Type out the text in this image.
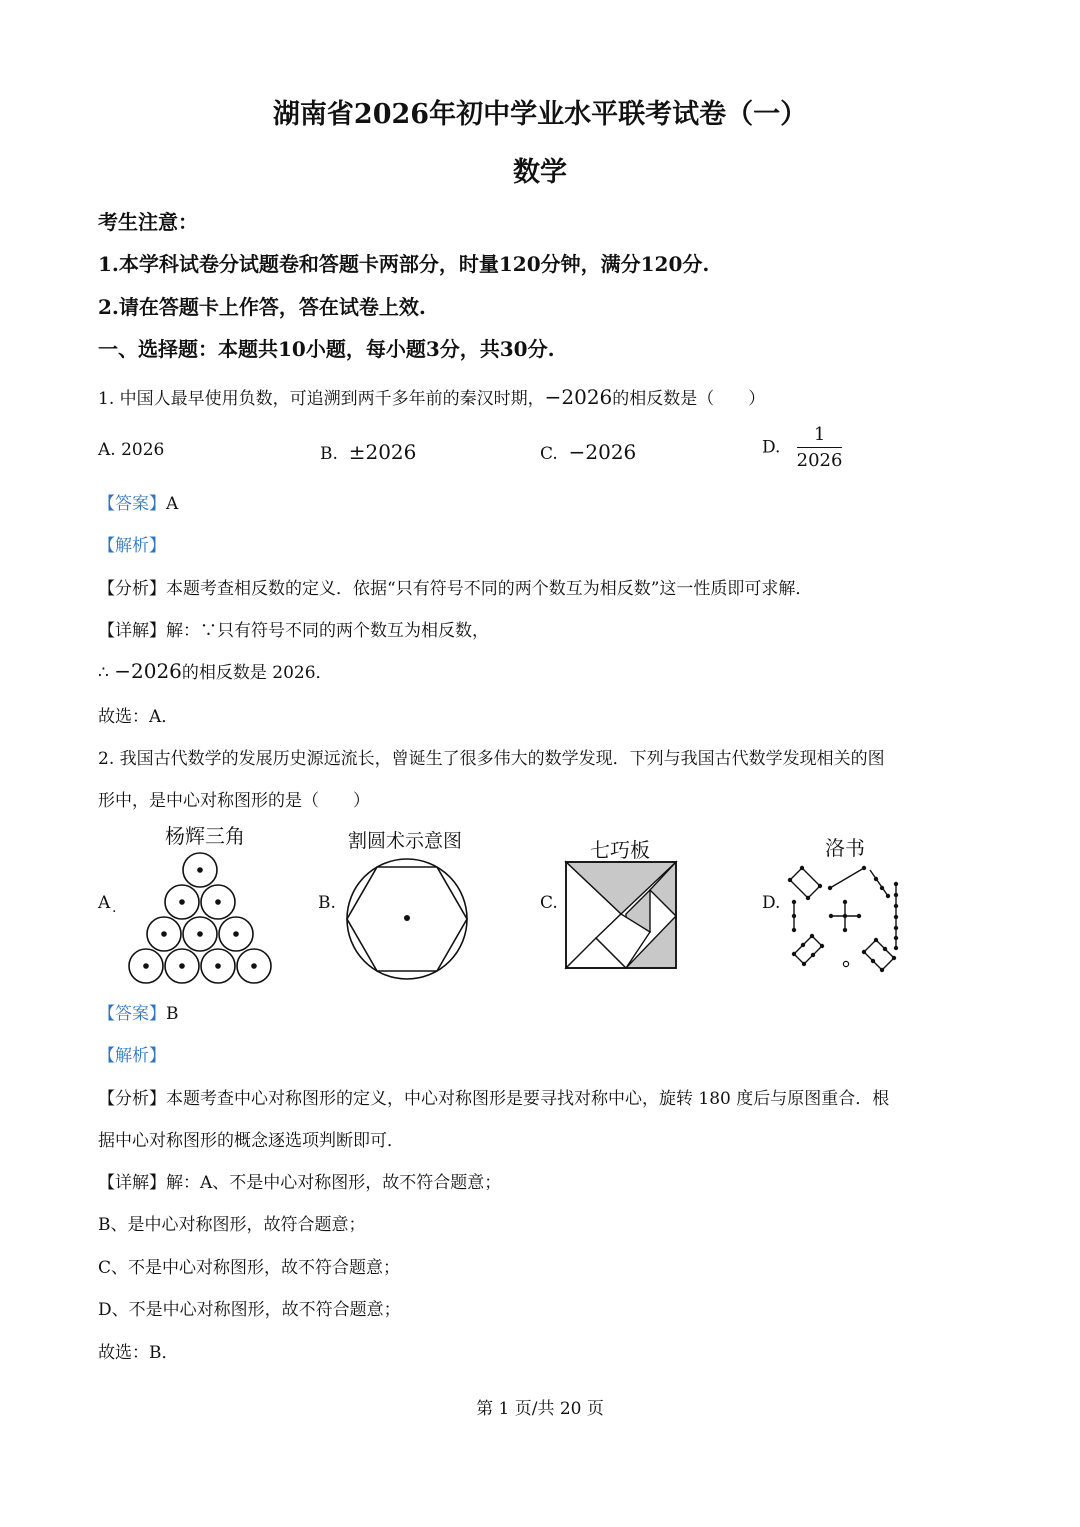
湖南省2026年初中学业水平联考试卷（一）
数学
考生注意：
1.本学科试卷分试题卷和答题卡两部分，时量120分钟，满分120分.
2.请在答题卡上作答，答在试卷上效.
一、选择题：本题共10小题，每小题3分，共30分.
1. 中国人最早使用负数，可追溯到两千多年前的秦汉时期，−2026的相反数是（　　）
A. 2026	B. ±2026	C. −2026	D. $\frac{1}{2026}$
【答案】A
【解析】
【分析】本题考查相反数的定义．依据“只有符号不同的两个数互为相反数”这一性质即可求解．
【详解】解：∵只有符号不同的两个数互为相反数，
∴ −2026的相反数是 2026．
故选：A．
2. 我国古代数学的发展历史源远流长，曾诞生了很多伟大的数学发现．下列与我国古代数学发现相关的图
形中，是中心对称图形的是（　　）
杨辉三角	割圆术示意图	七巧板	洛书
A .	B.	C.	D.
【答案】B
【解析】
【分析】本题考查中心对称图形的定义，中心对称图形是要寻找对称中心，旋转 180 度后与原图重合．根
据中心对称图形的概念逐选项判断即可．
【详解】解：A、不是中心对称图形，故不符合题意；
B、是中心对称图形，故符合题意；
C、不是中心对称图形，故不符合题意；
D、不是中心对称图形，故不符合题意；
故选：B．
第 1 页/共 20 页
